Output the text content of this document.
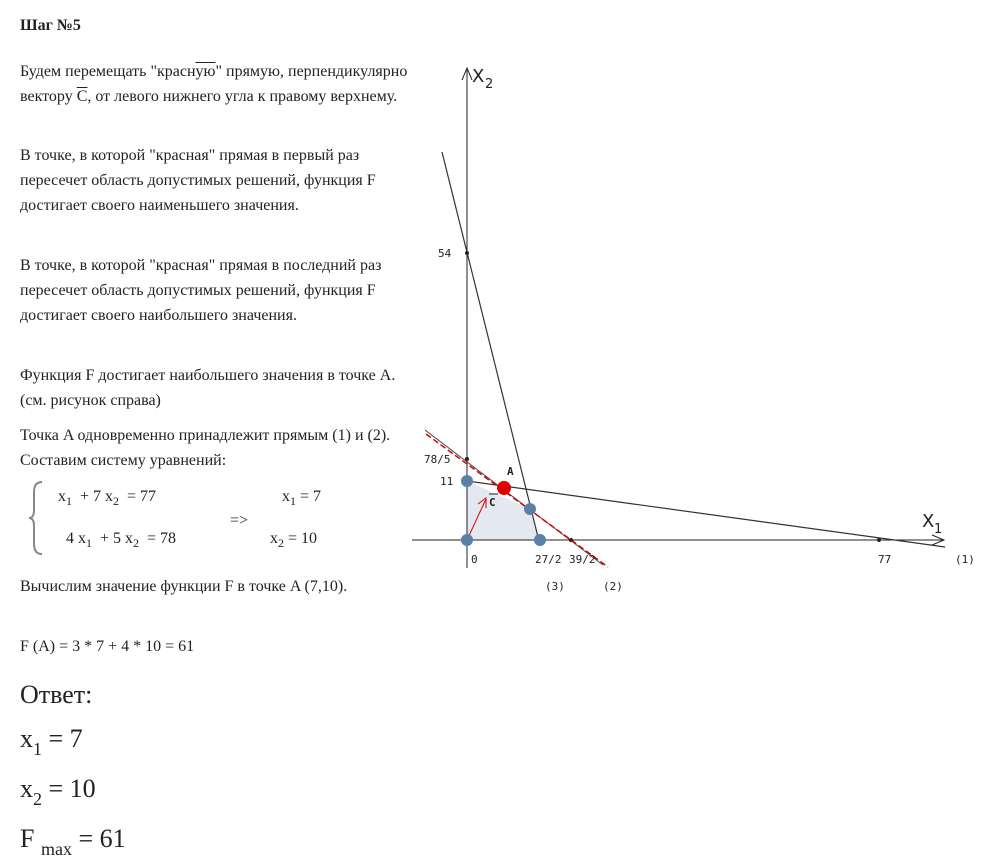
Шаг №5
Будем перемещать "красную" прямую, перпендикулярно вектору $\overline{C}$, от левого нижнего угла к правому верхнему.
В точке, в которой "красная" прямая в первый раз пересечет область допустимых решений, функция F достигает своего наименьшего значения.
В точке, в которой "красная" прямая в последний раз пересечет область допустимых решений, функция F достигает своего наибольшего значения.
Функция F достигает наибольшего значения в точке A. (см. рисунок справа)
Точка A одновременно принадлежит прямым (1) и (2). Составим систему уравнений:
$x_1 + 7$ $x_2 = 77$
4 $x_1 + 5$ $x_2 = 78$
=>
$x_1 = 7$
$x_2 = 10$
Вычислим значение функции F в точке A (7,10).
F (A) = 3 * 7 + 4 * 10 = 61
Ответ:
$x_1 = 7$
$x_2 = 10$
F $_{max}$ = 61
C
X 2
X 1
54
78/5
11
0	27/2 39/2	77	(1)
(3)	(2)
A
